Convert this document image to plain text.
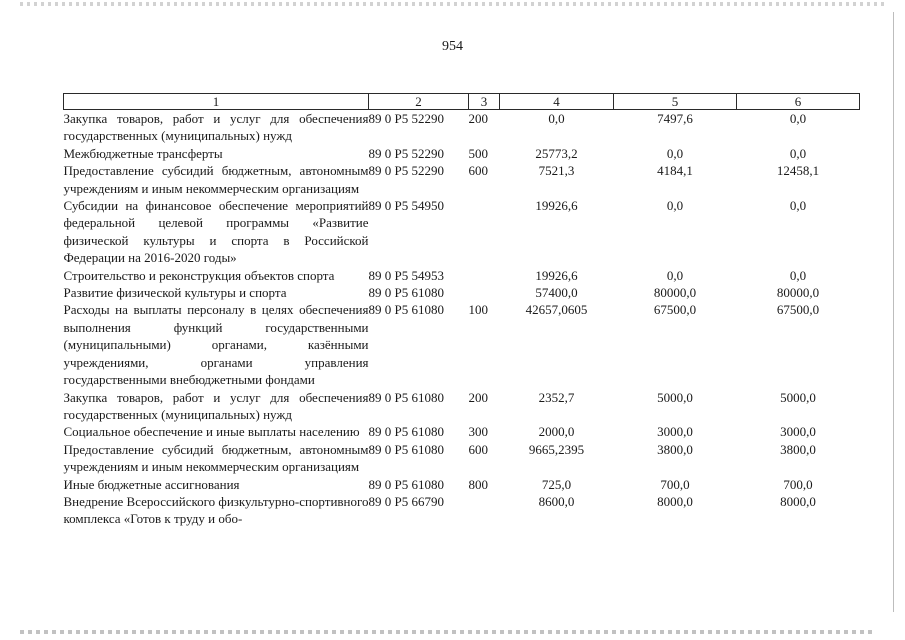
954
1	2	3	4	5	6
Закупка товаров, работ и услуг для обеспечения государственных (муниципальных) нужд	89 0 P5 52290	200	0,0	7497,6	0,0
Межбюджетные трансферты	89 0 P5 52290	500	25773,2	0,0	0,0
Предоставление субсидий бюджетным, автономным учреждениям и иным некоммерческим организациям	89 0 P5 52290	600	7521,3	4184,1	12458,1
Субсидии на финансовое обеспечение мероприятий федеральной целевой программы «Развитие физической культуры и спорта в Российской Федерации на 2016-2020 годы»	89 0 P5 54950		19926,6	0,0	0,0
Строительство и реконструкция объектов спорта	89 0 P5 54953		19926,6	0,0	0,0
Развитие физической культуры и спорта	89 0 P5 61080		57400,0	80000,0	80000,0
Расходы на выплаты персоналу в целях обеспечения выполнения функций государственными (муниципальными) органами, казёнными учреждениями, органами управления государственными внебюджетными фондами	89 0 P5 61080	100	42657,0605	67500,0	67500,0
Закупка товаров, работ и услуг для обеспечения государственных (муниципальных) нужд	89 0 P5 61080	200	2352,7	5000,0	5000,0
Социальное обеспечение и иные выплаты населению	89 0 P5 61080	300	2000,0	3000,0	3000,0
Предоставление субсидий бюджетным, автономным учреждениям и иным некоммерческим организациям	89 0 P5 61080	600	9665,2395	3800,0	3800,0
Иные бюджетные ассигнования	89 0 P5 61080	800	725,0	700,0	700,0
Внедрение Всероссийского физкультурно-спортивного комплекса «Готов к труду и обо-	89 0 P5 66790		8600,0	8000,0	8000,0
